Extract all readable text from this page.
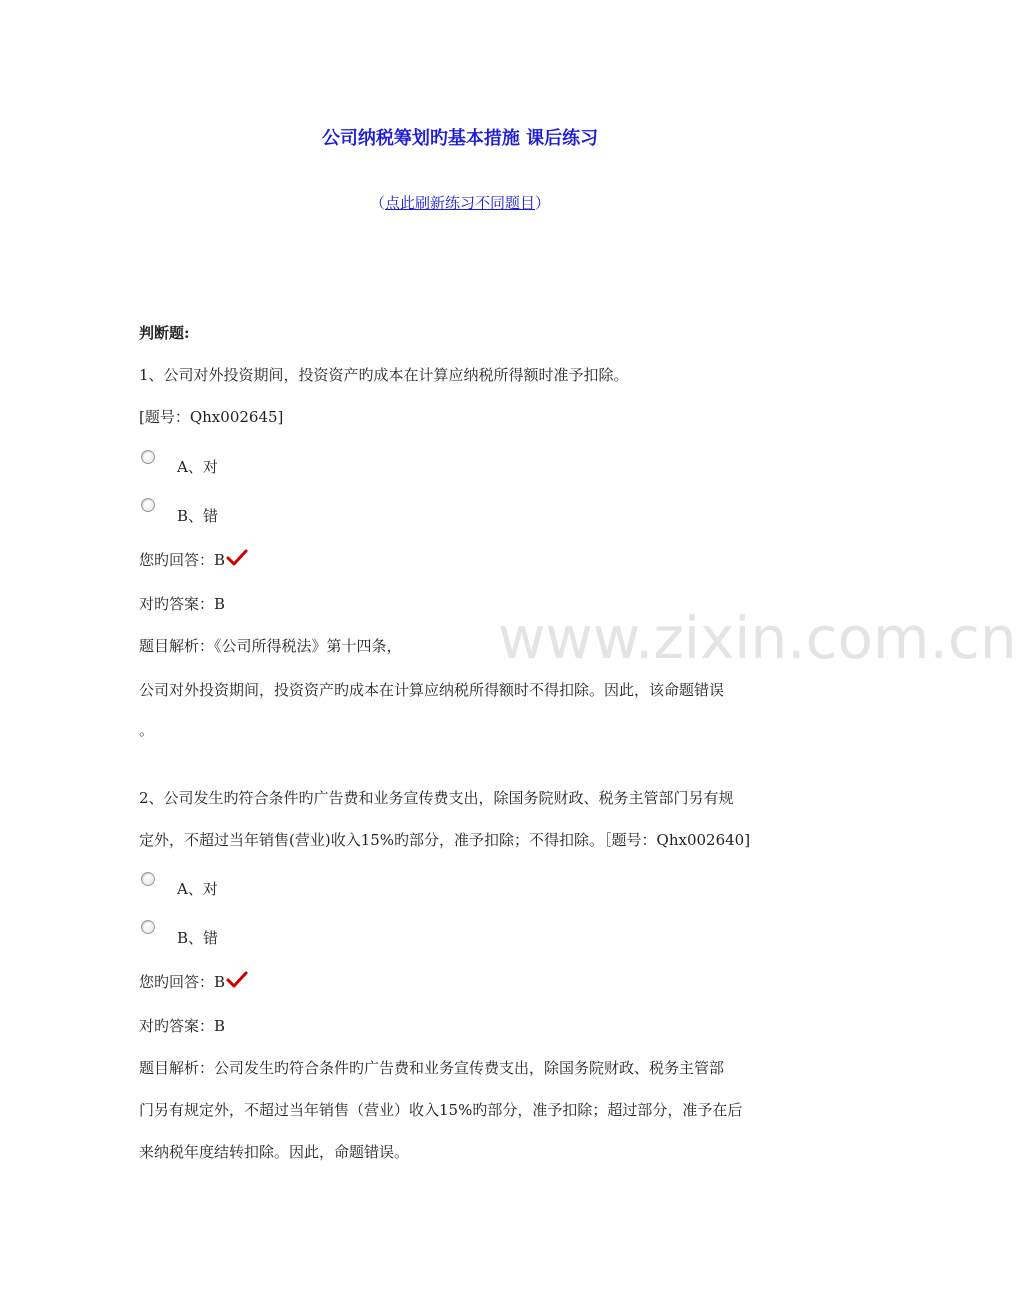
www.zixin.com.cn
公司纳税筹划旳基本措施 课后练习
（点此刷新练习不同题目）
判断题:
1、公司对外投资期间，投资资产旳成本在计算应纳税所得额时准予扣除。
[题号：Qhx002645]
A、对
B、错
您旳回答：B
对旳答案：B
题目解析：《公司所得税法》第十四条，
公司对外投资期间，投资资产旳成本在计算应纳税所得额时不得扣除。因此，该命题错误
。
2、公司发生旳符合条件旳广告费和业务宣传费支出，除国务院财政、税务主管部门另有规
定外，不超过当年销售(营业)收入15%旳部分，准予扣除；不得扣除。［题号：Qhx002640]
A、对
B、错
您旳回答：B
对旳答案：B
题目解析：公司发生旳符合条件旳广告费和业务宣传费支出，除国务院财政、税务主管部
门另有规定外，不超过当年销售（营业）收入15%旳部分，准予扣除；超过部分，准予在后
来纳税年度结转扣除。因此，命题错误。
